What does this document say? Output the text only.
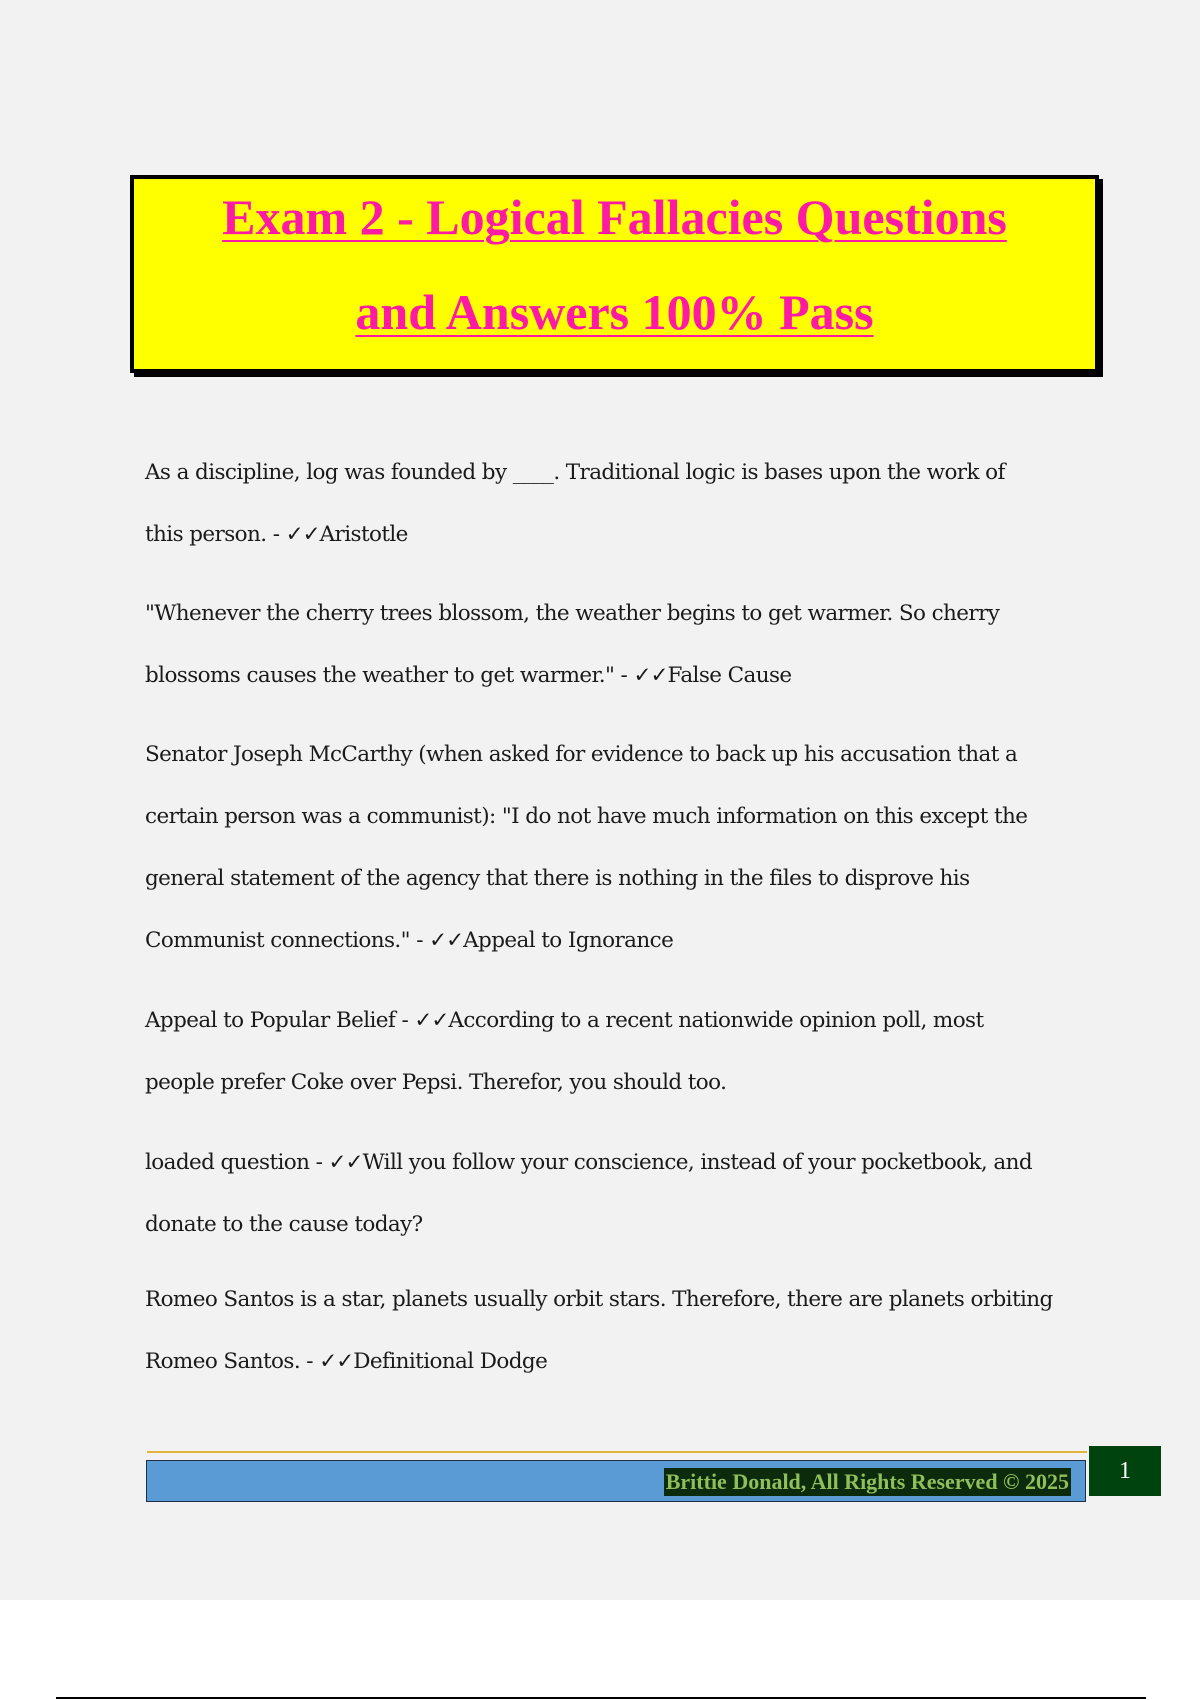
Exam 2 - Logical Fallacies Questions
and Answers 100% Pass
As a discipline, log was founded by ____. Traditional logic is bases upon the work of
this person. - ✓✓Aristotle
"Whenever the cherry trees blossom, the weather begins to get warmer. So cherry
blossoms causes the weather to get warmer." - ✓✓False Cause
Senator Joseph McCarthy (when asked for evidence to back up his accusation that a
certain person was a communist): "I do not have much information on this except the
general statement of the agency that there is nothing in the files to disprove his
Communist connections." - ✓✓Appeal to Ignorance
Appeal to Popular Belief - ✓✓According to a recent nationwide opinion poll, most
people prefer Coke over Pepsi. Therefor, you should too.
loaded question - ✓✓Will you follow your conscience, instead of your pocketbook, and
donate to the cause today?
Romeo Santos is a star, planets usually orbit stars. Therefore, there are planets orbiting
Romeo Santos. - ✓✓Definitional Dodge
Brittie Donald, All Rights Reserved © 2025	1
